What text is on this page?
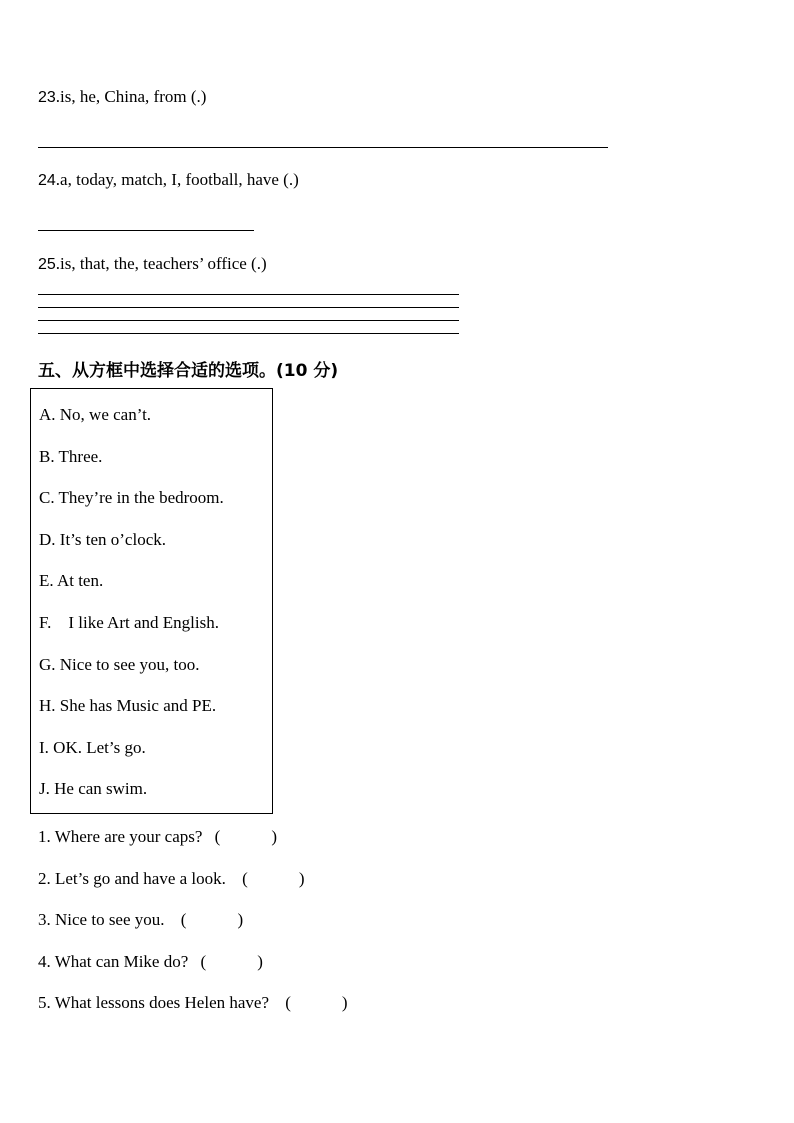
23.is, he, China, from (.)
24.a, today, match, I, football, have (.)
25.is, that, the, teachers’ office (.)
五、从方框中选择合适的选项。(10 分)
A. No, we can’t.
B. Three.
C. They’re in the bedroom.
D. It’s ten o’clock.
E. At ten.
F.    I like Art and English.
G. Nice to see you, too.
H. She has Music and PE.
I. OK. Let’s go.
J. He can swim.
1. Where are your caps? (            )
2. Let’s go and have a look. (            )
3. Nice to see you. (            )
4. What can Mike do? (            )
5. What lessons does Helen have? (            )
